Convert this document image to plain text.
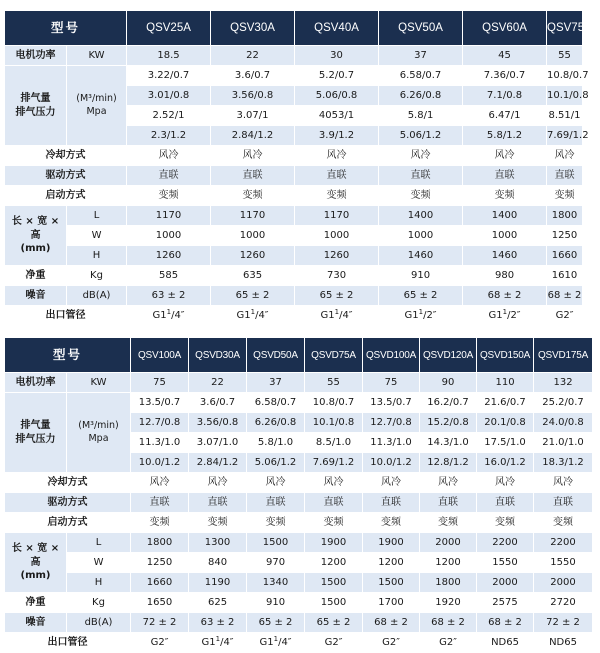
型号		QSV25A	QSV30A	QSV40A	QSV50A	QSV60A	QSV75A
电机功率	KW	18.5	22	30	37	45	55

排气量
排气压力	(M³/min)
Mpa	3.22/0.7	3.6/0.7	5.2/0.7	6.58/0.7	7.36/0.7	10.8/0.7
		3.01/0.8	3.56/0.8	5.06/0.8	6.26/0.8	7.1/0.8	10.1/0.8
		2.52/1	3.07/1	4053/1	5.8/1	6.47/1	8.51/1
		2.3/1.2	2.84/1.2	3.9/1.2	5.06/1.2	5.8/1.2	7.69/1.2
冷却方式		风冷	风冷	风冷	风冷	风冷	风冷
驱动方式		直联	直联	直联	直联	直联	直联
启动方式		变频	变频	变频	变频	变频	变频

长 × 宽 ×
高
(mm)	L	1170	1170	1170	1400	1400	1800
	W	1000	1000	1000	1000	1000	1250
	H	1260	1260	1260	1460	1460	1660
净重	Kg	585	635	730	910	980	1610
噪音	dB(A)	63 ± 2	65 ± 2	65 ± 2	65 ± 2	68 ± 2	68 ± 2
出口管径		$G1^1/4''$	$G1^1/4''$	$G1^1/4''$	$G1^1/2''$	$G1^1/2''$	G2″
型号		QSV100A	QSVD30A	QSVD50A	QSVD75A	QSVD100A	QSVD120A	QSVD150A	QSVD175A
电机功率	KW	75	22	37	55	75	90	110	132

排气量
排气压力	(M³/min)
Mpa	13.5/0.7	3.6/0.7	6.58/0.7	10.8/0.7	13.5/0.7	16.2/0.7	21.6/0.7	25.2/0.7
		12.7/0.8	3.56/0.8	6.26/0.8	10.1/0.8	12.7/0.8	15.2/0.8	20.1/0.8	24.0/0.8
		11.3/1.0	3.07/1.0	5.8/1.0	8.5/1.0	11.3/1.0	14.3/1.0	17.5/1.0	21.0/1.0
		10.0/1.2	2.84/1.2	5.06/1.2	7.69/1.2	10.0/1.2	12.8/1.2	16.0/1.2	18.3/1.2
冷却方式		风冷	风冷	风冷	风冷	风冷	风冷	风冷	风冷
驱动方式		直联	直联	直联	直联	直联	直联	直联	直联
启动方式		变频	变频	变频	变频	变频	变频	变频	变频

长 × 宽 ×
高
(mm)	L	1800	1300	1500	1900	1900	2000	2200	2200
	W	1250	840	970	1200	1200	1200	1550	1550
	H	1660	1190	1340	1500	1500	1800	2000	2000
净重	Kg	1650	625	910	1500	1700	1920	2575	2720
噪音	dB(A)	72 ± 2	63 ± 2	65 ± 2	65 ± 2	68 ± 2	68 ± 2	68 ± 2	72 ± 2
出口管径		G2″	$G1^1/4''$	$G1^1/4''$	G2″	G2″	G2″	ND65	ND65
